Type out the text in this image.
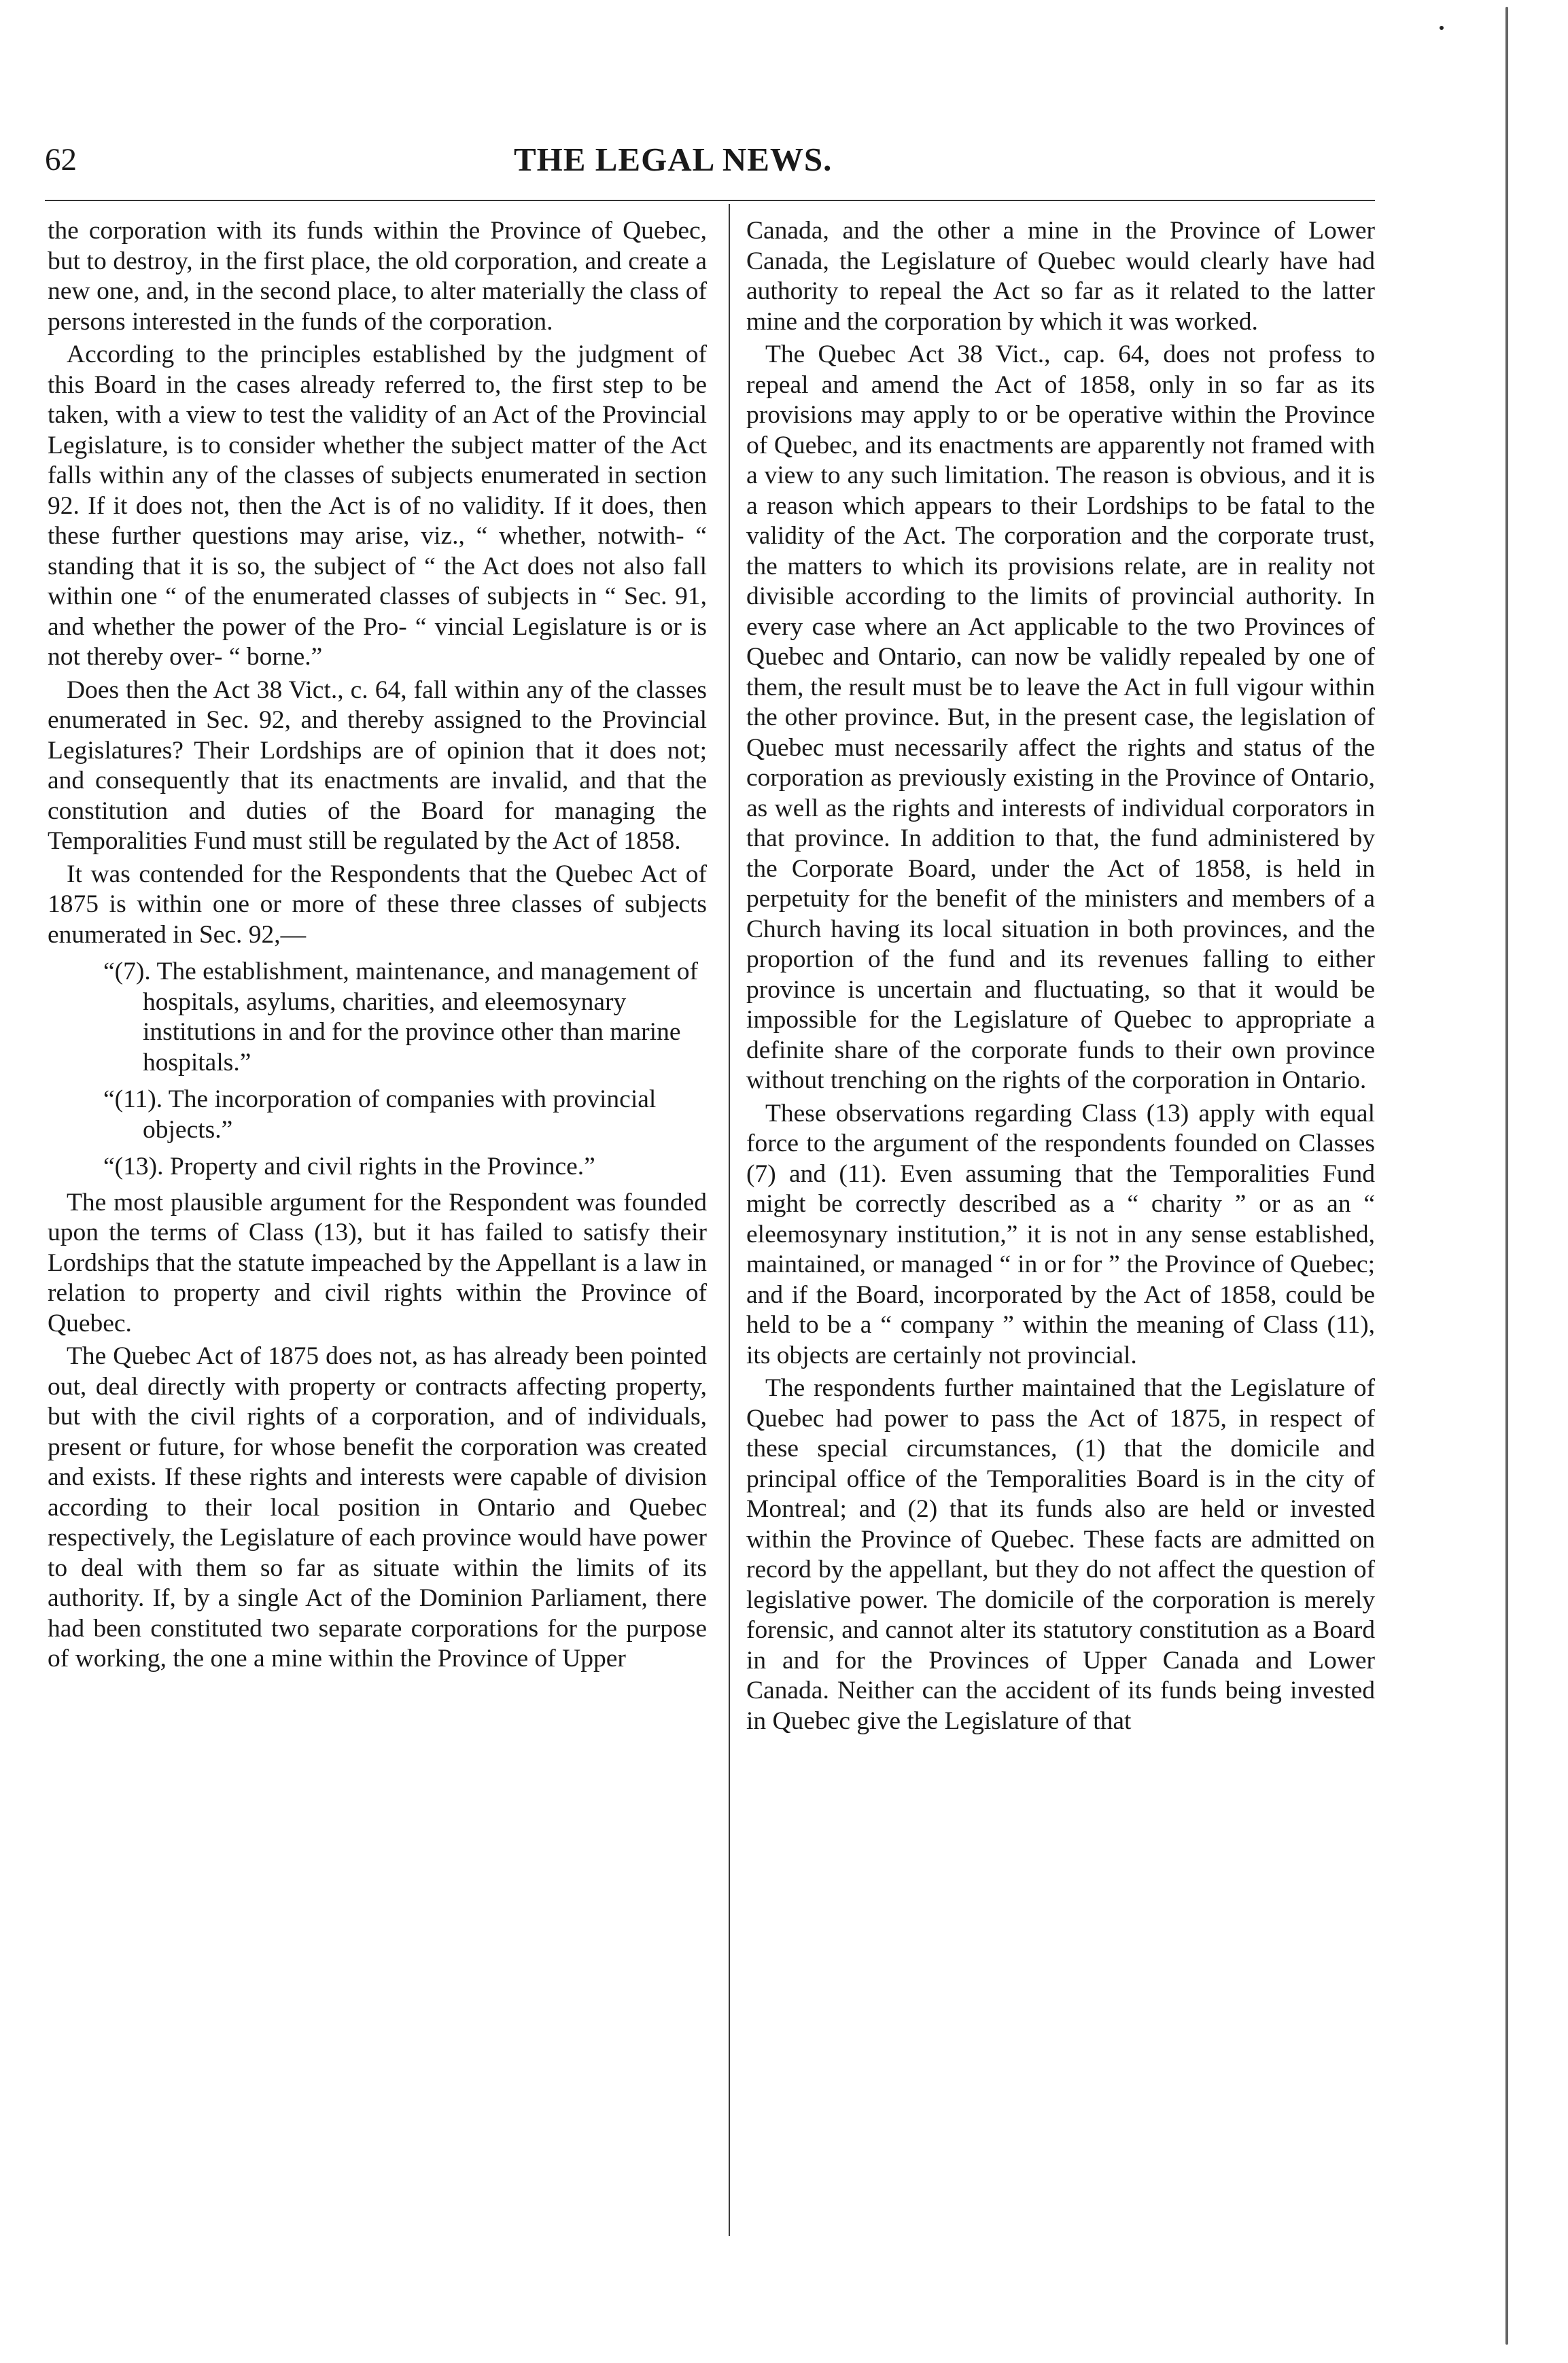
62	THE LEGAL NEWS.

the corporation with its funds within the Province of Quebec, but to destroy, in the first place, the old corporation, and create a new one, and, in the second place, to alter materially the class of persons interested in the funds of the corporation.

According to the principles established by the judgment of this Board in the cases already referred to, the first step to be taken, with a view to test the validity of an Act of the Provincial Legislature, is to consider whether the subject matter of the Act falls within any of the classes of subjects enumerated in section 92. If it does not, then the Act is of no validity. If it does, then these further questions may arise, viz., “ whether, notwith- “ standing that it is so, the subject of “ the Act does not also fall within one “ of the enumerated classes of subjects in “ Sec. 91, and whether the power of the Pro- “ vincial Legislature is or is not thereby over- “ borne.”

Does then the Act 38 Vict., c. 64, fall within any of the classes enumerated in Sec. 92, and thereby assigned to the Provincial Legislatures? Their Lordships are of opinion that it does not; and consequently that its enactments are invalid, and that the constitution and duties of the Board for managing the Temporalities Fund must still be regulated by the Act of 1858.

It was contended for the Respondents that the Quebec Act of 1875 is within one or more of these three classes of subjects enumerated in Sec. 92,—

“(7). The establishment, maintenance, and management of hospitals, asylums, charities, and eleemosynary institutions in and for the province other than marine hospitals.”
“(11). The incorporation of companies with provincial objects.”
“(13). Property and civil rights in the Province.”

The most plausible argument for the Respondent was founded upon the terms of Class (13), but it has failed to satisfy their Lordships that the statute impeached by the Appellant is a law in relation to property and civil rights within the Province of Quebec.

The Quebec Act of 1875 does not, as has already been pointed out, deal directly with property or contracts affecting property, but with the civil rights of a corporation, and of individuals, present or future, for whose benefit the corporation was created and exists. If these rights and interests were capable of division according to their local position in Ontario and Quebec respectively, the Legislature of each province would have power to deal with them so far as situate within the limits of its authority. If, by a single Act of the Dominion Parliament, there had been constituted two separate corporations for the purpose of working, the one a mine within the Province of Upper

Canada, and the other a mine in the Province of Lower Canada, the Legislature of Quebec would clearly have had authority to repeal the Act so far as it related to the latter mine and the corporation by which it was worked.

The Quebec Act 38 Vict., cap. 64, does not profess to repeal and amend the Act of 1858, only in so far as its provisions may apply to or be operative within the Province of Quebec, and its enactments are apparently not framed with a view to any such limitation. The reason is obvious, and it is a reason which appears to their Lordships to be fatal to the validity of the Act. The corporation and the corporate trust, the matters to which its provisions relate, are in reality not divisible according to the limits of provincial authority. In every case where an Act applicable to the two Provinces of Quebec and Ontario, can now be validly repealed by one of them, the result must be to leave the Act in full vigour within the other province. But, in the present case, the legislation of Quebec must necessarily affect the rights and status of the corporation as previously existing in the Province of Ontario, as well as the rights and interests of individual corporators in that province. In addition to that, the fund administered by the Corporate Board, under the Act of 1858, is held in perpetuity for the benefit of the ministers and members of a Church having its local situation in both provinces, and the proportion of the fund and its revenues falling to either province is uncertain and fluctuating, so that it would be impossible for the Legislature of Quebec to appropriate a definite share of the corporate funds to their own province without trenching on the rights of the corporation in Ontario.

These observations regarding Class (13) apply with equal force to the argument of the respondents founded on Classes (7) and (11). Even assuming that the Temporalities Fund might be correctly described as a “ charity ” or as an “ eleemosynary institution,” it is not in any sense established, maintained, or managed “ in or for ” the Province of Quebec; and if the Board, incorporated by the Act of 1858, could be held to be a “ company ” within the meaning of Class (11), its objects are certainly not provincial.

The respondents further maintained that the Legislature of Quebec had power to pass the Act of 1875, in respect of these special circumstances, (1) that the domicile and principal office of the Temporalities Board is in the city of Montreal; and (2) that its funds also are held or invested within the Province of Quebec. These facts are admitted on record by the appellant, but they do not affect the question of legislative power. The domicile of the corporation is merely forensic, and cannot alter its statutory constitution as a Board in and for the Provinces of Upper Canada and Lower Canada. Neither can the accident of its funds being invested in Quebec give the Legislature of that
